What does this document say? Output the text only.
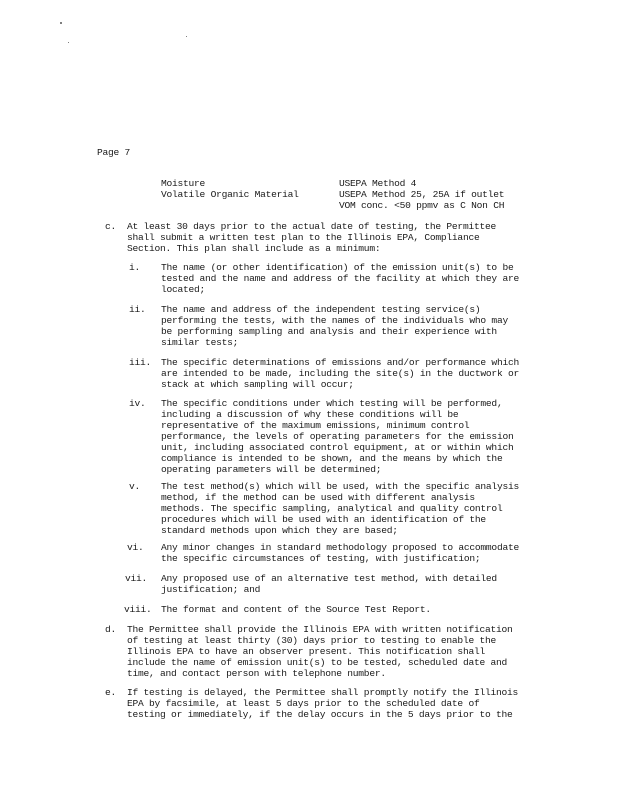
Page 7
Moisture	USEPA Method 4
Volatile Organic Material	USEPA Method 25, 25A if outlet
VOM conc. <50 ppmv as C Non CH
c. At least 30 days prior to the actual date of testing, the Permittee
shall submit a written test plan to the Illinois EPA, Compliance
Section. This plan shall include as a minimum:
i. The name (or other identification) of the emission unit(s) to be
tested and the name and address of the facility at which they are
located;
ii. The name and address of the independent testing service(s)
performing the tests, with the names of the individuals who may
be performing sampling and analysis and their experience with
similar tests;
iii. The specific determinations of emissions and/or performance which
are intended to be made, including the site(s) in the ductwork or
stack at which sampling will occur;
iv. The specific conditions under which testing will be performed,
including a discussion of why these conditions will be
representative of the maximum emissions, minimum control
performance, the levels of operating parameters for the emission
unit, including associated control equipment, at or within which
compliance is intended to be shown, and the means by which the
operating parameters will be determined;
v. The test method(s) which will be used, with the specific analysis
method, if the method can be used with different analysis
methods. The specific sampling, analytical and quality control
procedures which will be used with an identification of the
standard methods upon which they are based;
vi. Any minor changes in standard methodology proposed to accommodate
the specific circumstances of testing, with justification;
vii. Any proposed use of an alternative test method, with detailed
justification; and
viii. The format and content of the Source Test Report.
d. The Permittee shall provide the Illinois EPA with written notification
of testing at least thirty (30) days prior to testing to enable the
Illinois EPA to have an observer present. This notification shall
include the name of emission unit(s) to be tested, scheduled date and
time, and contact person with telephone number.
e. If testing is delayed, the Permittee shall promptly notify the Illinois
EPA by facsimile, at least 5 days prior to the scheduled date of
testing or immediately, if the delay occurs in the 5 days prior to the
